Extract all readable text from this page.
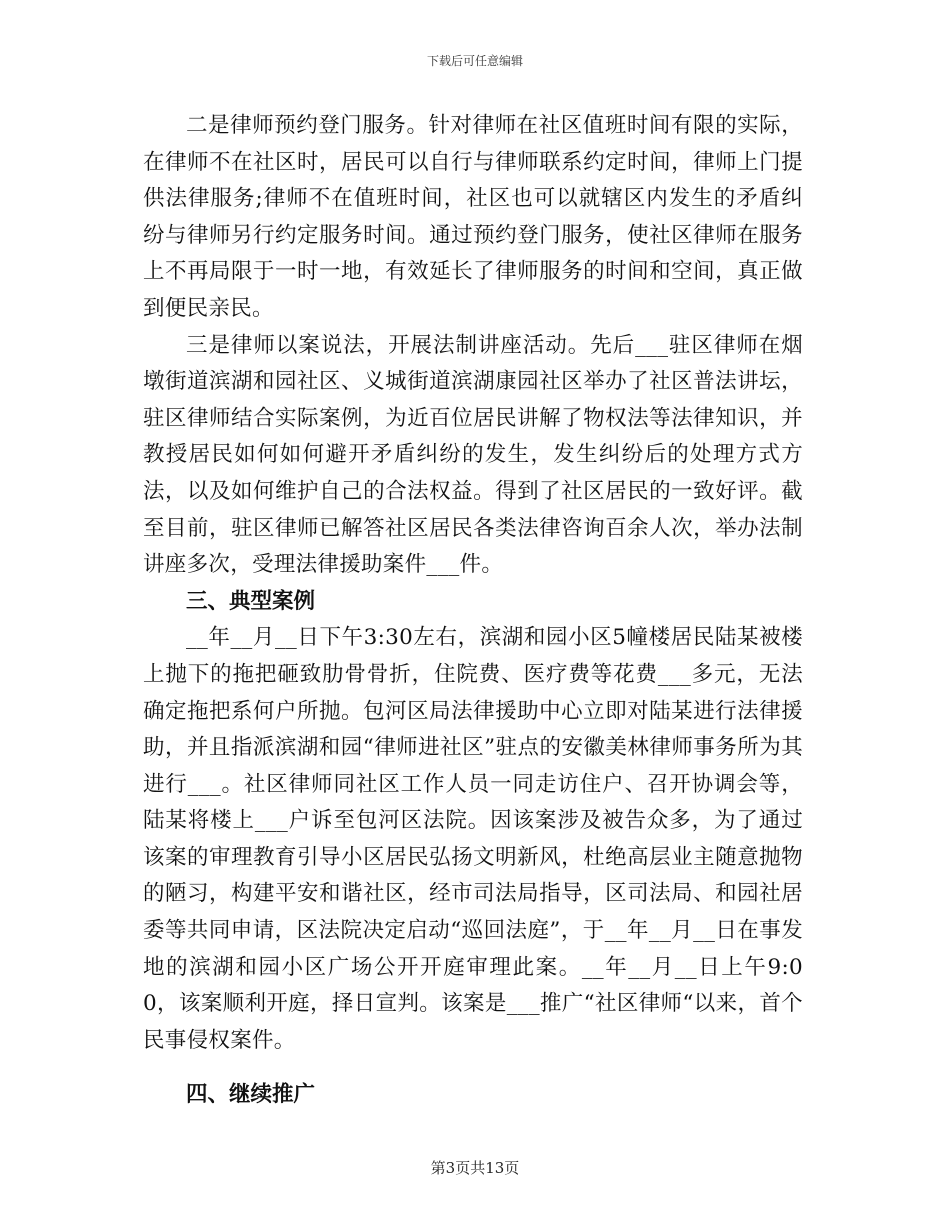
下载后可任意编辑

二是律师预约登门服务。针对律师在社区值班时间有限的实际，在律师不在社区时，居民可以自行与律师联系约定时间，律师上门提供法律服务;律师不在值班时间，社区也可以就辖区内发生的矛盾纠纷与律师另行约定服务时间。通过预约登门服务，使社区律师在服务上不再局限于一时一地，有效延长了律师服务的时间和空间，真正做到便民亲民。

三是律师以案说法，开展法制讲座活动。先后___驻区律师在烟墩街道滨湖和园社区、义城街道滨湖康园社区举办了社区普法讲坛，驻区律师结合实际案例，为近百位居民讲解了物权法等法律知识，并教授居民如何如何避开矛盾纠纷的发生，发生纠纷后的处理方式方法，以及如何维护自己的合法权益。得到了社区居民的一致好评。截至目前，驻区律师已解答社区居民各类法律咨询百余人次，举办法制讲座多次，受理法律援助案件___件。

三、典型案例

__年__月__日下午3:30左右，滨湖和园小区5幢楼居民陆某被楼上抛下的拖把砸致肋骨骨折，住院费、医疗费等花费___多元，无法确定拖把系何户所抛。包河区局法律援助中心立即对陆某进行法律援助，并且指派滨湖和园“律师进社区”驻点的安徽美林律师事务所为其进行___。社区律师同社区工作人员一同走访住户、召开协调会等，陆某将楼上___户诉至包河区法院。因该案涉及被告众多，为了通过该案的审理教育引导小区居民弘扬文明新风，杜绝高层业主随意抛物的陋习，构建平安和谐社区，经市司法局指导，区司法局、和园社居委等共同申请，区法院决定启动“巡回法庭”，于__年__月__日在事发地的滨湖和园小区广场公开开庭审理此案。__年__月__日上午9:00，该案顺利开庭，择日宣判。该案是___推广“社区律师“以来，首个民事侵权案件。

四、继续推广

第3页共13页
